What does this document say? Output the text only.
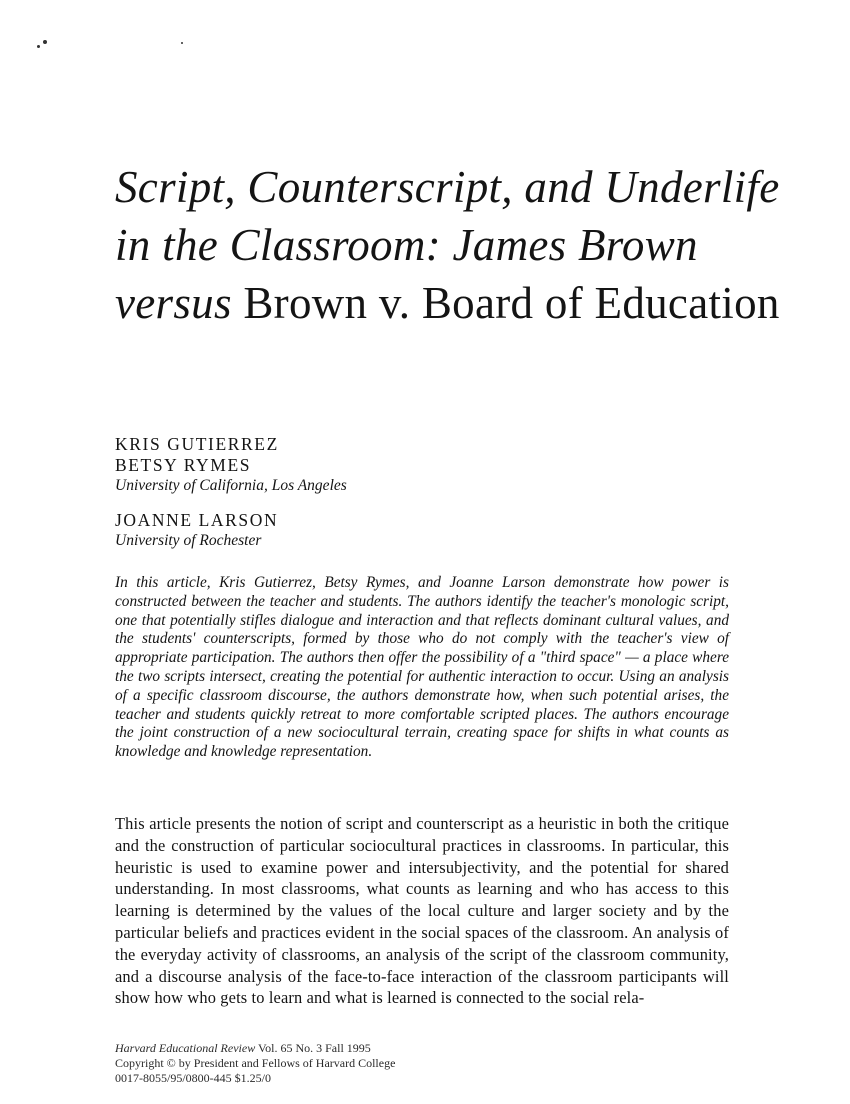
Script, Counterscript, and Underlife
in the Classroom: James Brown
versus Brown v. Board of Education
KRIS GUTIERREZ
BETSY RYMES
University of California, Los Angeles
JOANNE LARSON
University of Rochester

In this article, Kris Gutierrez, Betsy Rymes, and Joanne Larson demonstrate how power is constructed between the teacher and students. The authors identify the teacher's monologic script, one that potentially stifles dialogue and interaction and that reflects dominant cultural values, and the students' counterscripts, formed by those who do not comply with the teacher's view of appropriate participation. The authors then offer the possibility of a "third space" — a place where the two scripts intersect, creating the potential for authentic interaction to occur. Using an analysis of a specific classroom discourse, the authors demonstrate how, when such potential arises, the teacher and students quickly retreat to more comfortable scripted places. The authors encourage the joint construction of a new sociocultural terrain, creating space for shifts in what counts as knowledge and knowledge representation.

This article presents the notion of script and counterscript as a heuristic in both the critique and the construction of particular sociocultural practices in classrooms. In particular, this heuristic is used to examine power and intersubjectivity, and the potential for shared understanding. In most classrooms, what counts as learning and who has access to this learning is determined by the values of the local culture and larger society and by the particular beliefs and practices evident in the social spaces of the classroom. An analysis of the everyday activity of classrooms, an analysis of the script of the classroom community, and a discourse analysis of the face-to-face interaction of the classroom participants will show how who gets to learn and what is learned is connected to the social rela-

Harvard Educational Review Vol. 65 No. 3 Fall 1995
Copyright © by President and Fellows of Harvard College
0017-8055/95/0800-445 $1.25/0
